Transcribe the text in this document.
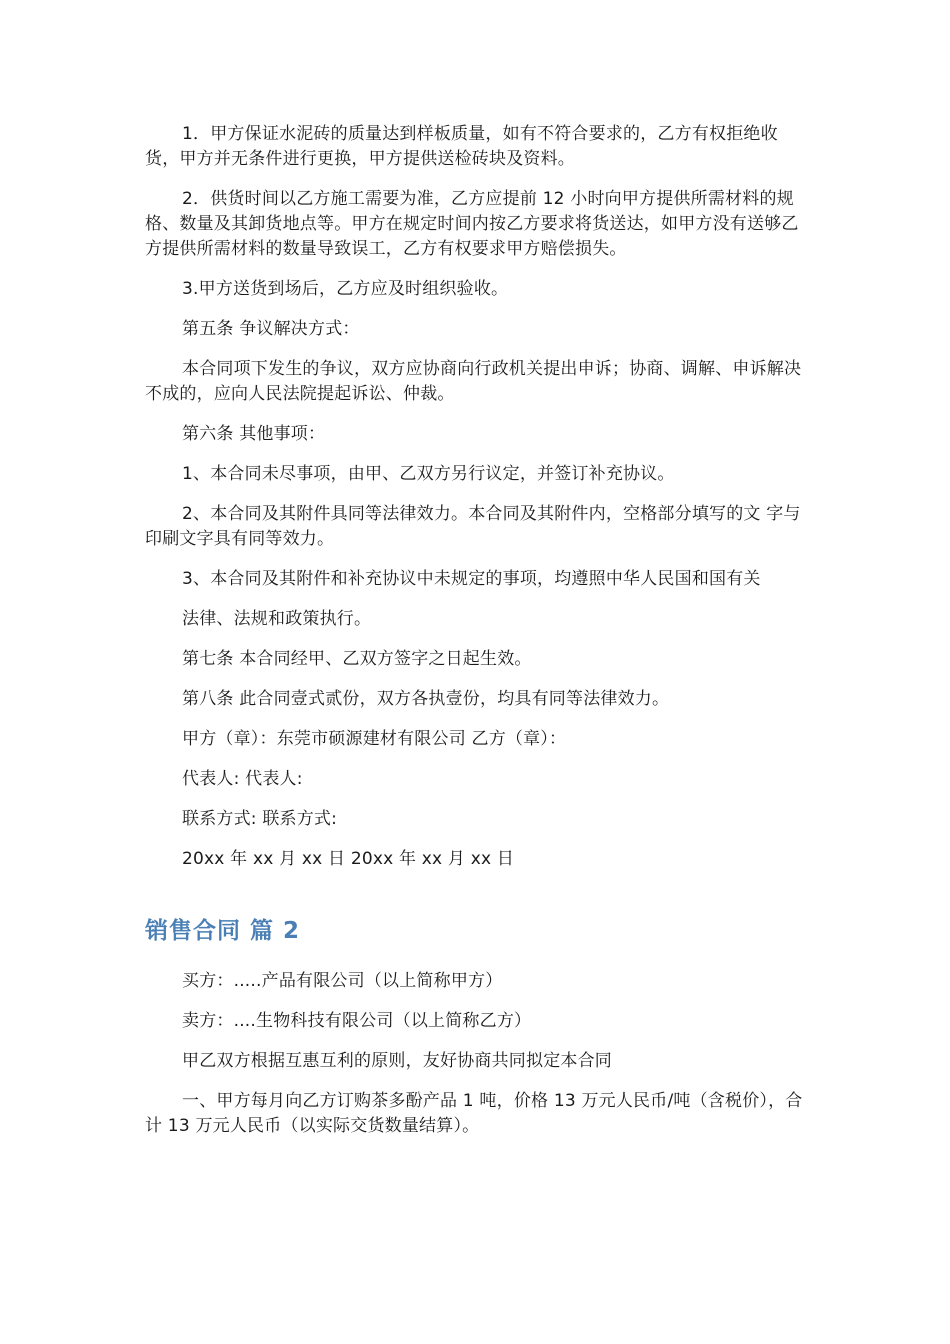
1．甲方保证水泥砖的质量达到样板质量，如有不符合要求的，乙方有权拒绝收货，甲方并无条件进行更换，甲方提供送检砖块及资料。

2．供货时间以乙方施工需要为准，乙方应提前 12 小时向甲方提供所需材料的规格、数量及其卸货地点等。甲方在规定时间内按乙方要求将货送达，如甲方没有送够乙方提供所需材料的数量导致误工，乙方有权要求甲方赔偿损失。

3.甲方送货到场后，乙方应及时组织验收。

第五条 争议解决方式：

本合同项下发生的争议，双方应协商向行政机关提出申诉；协商、调解、申诉解决不成的，应向人民法院提起诉讼、仲裁。

第六条 其他事项：

1、本合同未尽事项，由甲、乙双方另行议定，并签订补充协议。

2、本合同及其附件具同等法律效力。本合同及其附件内，空格部分填写的文 字与印刷文字具有同等效力。

3、本合同及其附件和补充协议中未规定的事项，均遵照中华人民国和国有关

法律、法规和政策执行。

第七条 本合同经甲、乙双方签字之日起生效。

第八条 此合同壹式贰份，双方各执壹份，均具有同等法律效力。

甲方（章）：东莞市硕源建材有限公司 乙方（章）：

代表人: 代表人:

联系方式: 联系方式:

20xx 年 xx 月 xx 日 20xx 年 xx 月 xx 日

销售合同 篇 2

买方：.....产品有限公司（以上简称甲方）

卖方：....生物科技有限公司（以上简称乙方）

甲乙双方根据互惠互利的原则，友好协商共同拟定本合同

一、甲方每月向乙方订购茶多酚产品 1 吨，价格 13 万元人民币/吨（含税价），合计 13 万元人民币（以实际交货数量结算）。
